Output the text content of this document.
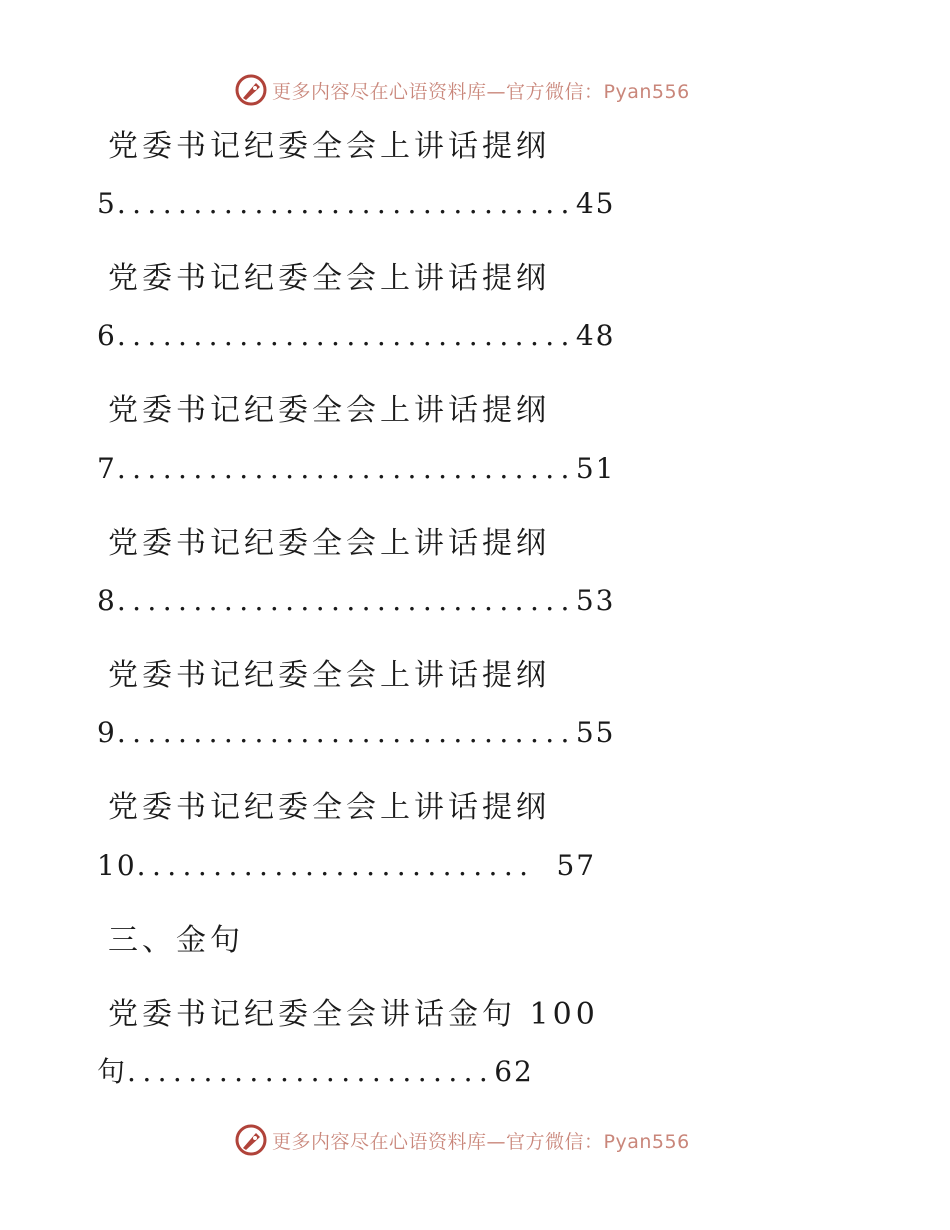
更多内容尽在心语资料库—官方微信：Pyan556
党委书记纪委全会上讲话提纲
5..............................45
党委书记纪委全会上讲话提纲
6..............................48
党委书记纪委全会上讲话提纲
7..............................51
党委书记纪委全会上讲话提纲
8..............................53
党委书记纪委全会上讲话提纲
9..............................55
党委书记纪委全会上讲话提纲
10.......................... 57
三、金句
党委书记纪委全会讲话金句 100
句........................62
更多内容尽在心语资料库—官方微信：Pyan556
